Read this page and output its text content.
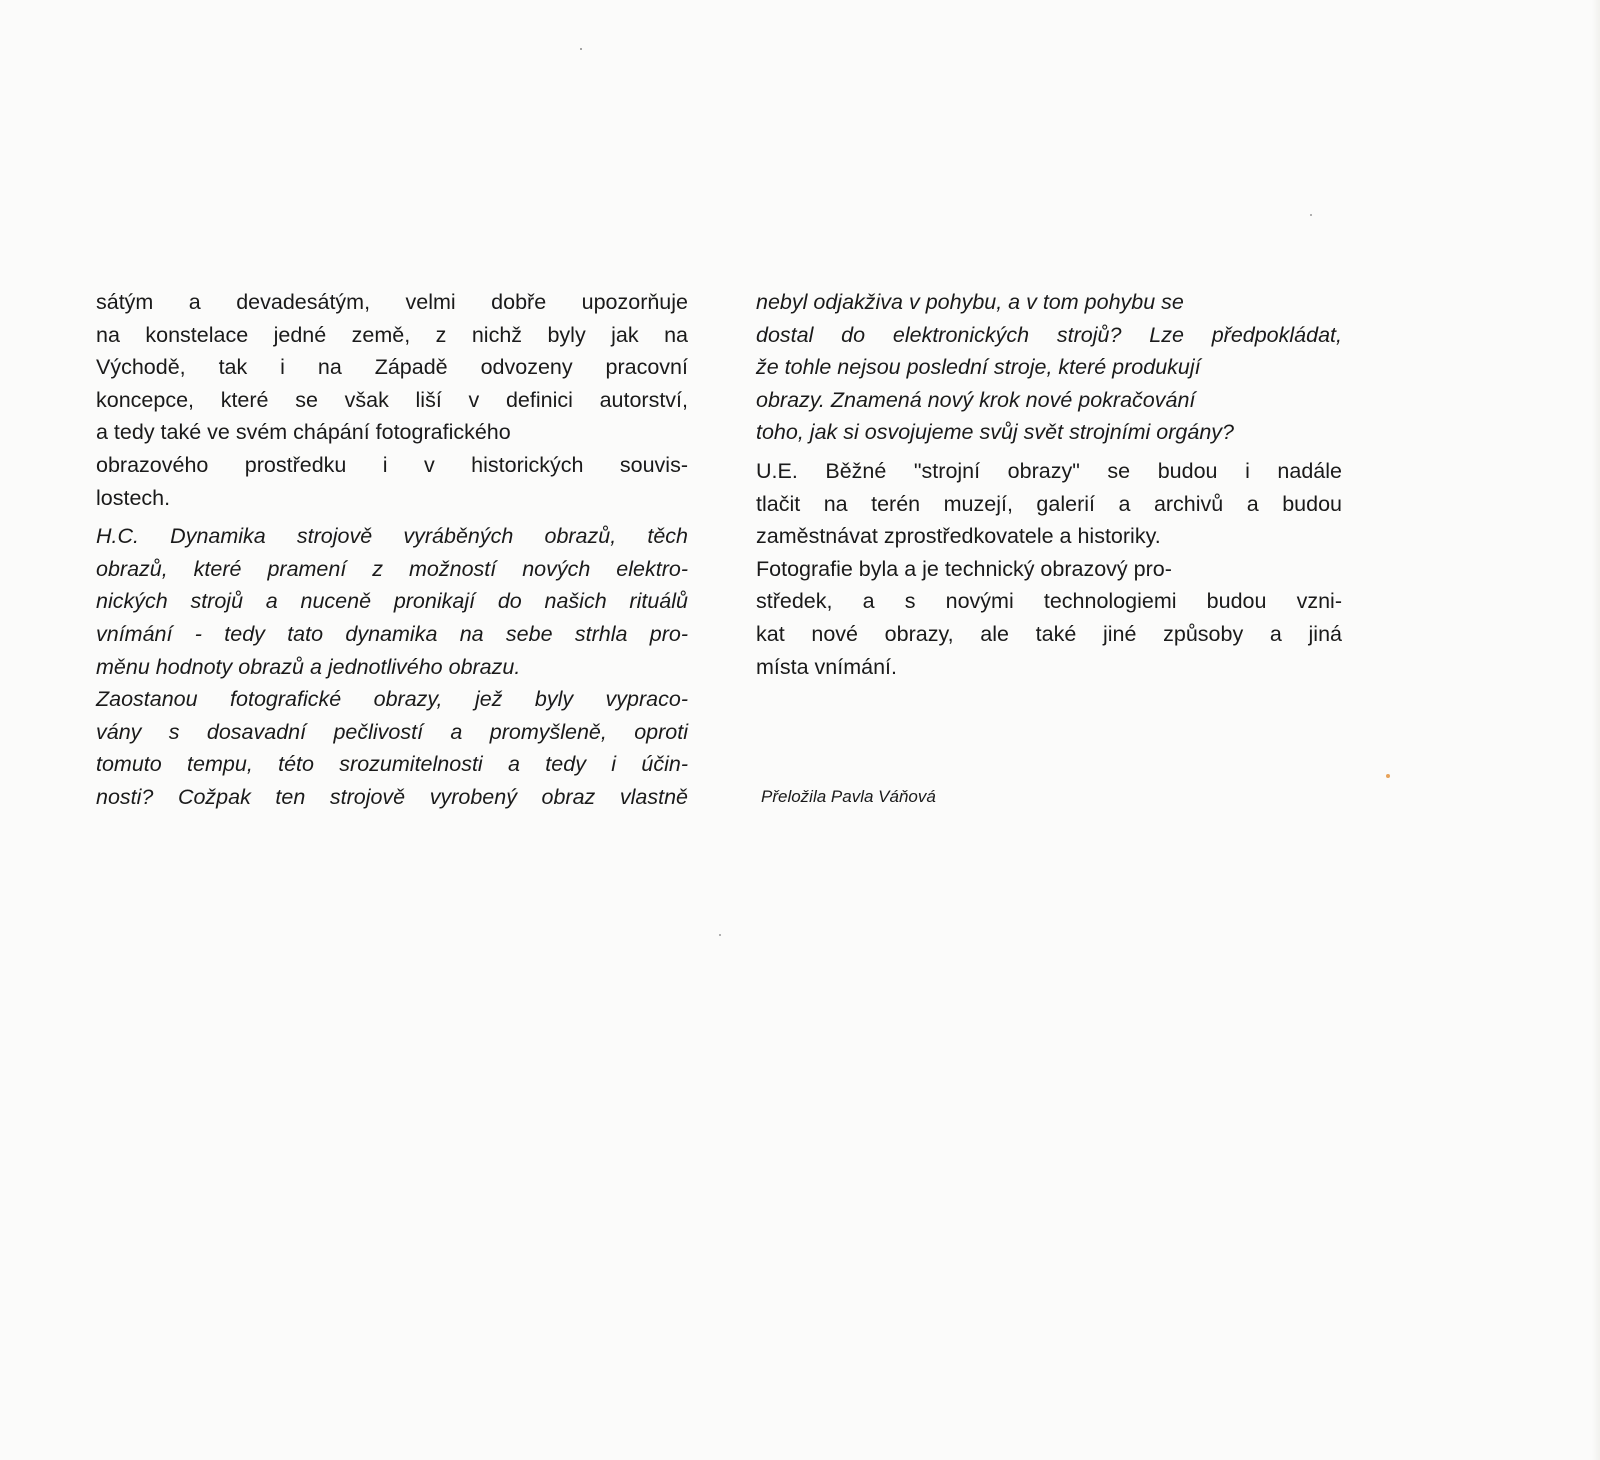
sátým a devadesátým, velmi dobře upozorňuje
na konstelace jedné země, z nichž byly jak na
Východě, tak i na Západě odvozeny pracovní
koncepce, které se však liší v definici autorství,
a tedy také ve svém chápání fotografického
obrazového prostředku i v historických souvis-
lostech.
H.C. Dynamika strojově vyráběných obrazů, těch
obrazů, které pramení z možností nových elektro-
nických strojů a nuceně pronikají do našich rituálů
vnímání - tedy tato dynamika na sebe strhla pro-
měnu hodnoty obrazů a jednotlivého obrazu.
Zaostanou fotografické obrazy, jež byly vypraco-
vány s dosavadní pečlivostí a promyšleně, oproti
tomuto tempu, této srozumitelnosti a tedy i účin-
nosti? Cožpak ten strojově vyrobený obraz vlastně
nebyl odjakživa v pohybu, a v tom pohybu se
dostal do elektronických strojů? Lze předpokládat,
že tohle nejsou poslední stroje, které produkují
obrazy. Znamená nový krok nové pokračování
toho, jak si osvojujeme svůj svět strojními orgány?
U.E. Běžné "strojní obrazy" se budou i nadále
tlačit na terén muzejí, galerií a archivů a budou
zaměstnávat zprostředkovatele a historiky.
Fotografie byla a je technický obrazový pro-
středek, a s novými technologiemi budou vzni-
kat nové obrazy, ale také jiné způsoby a jiná
místa vnímání.
Přeložila Pavla Váňová
